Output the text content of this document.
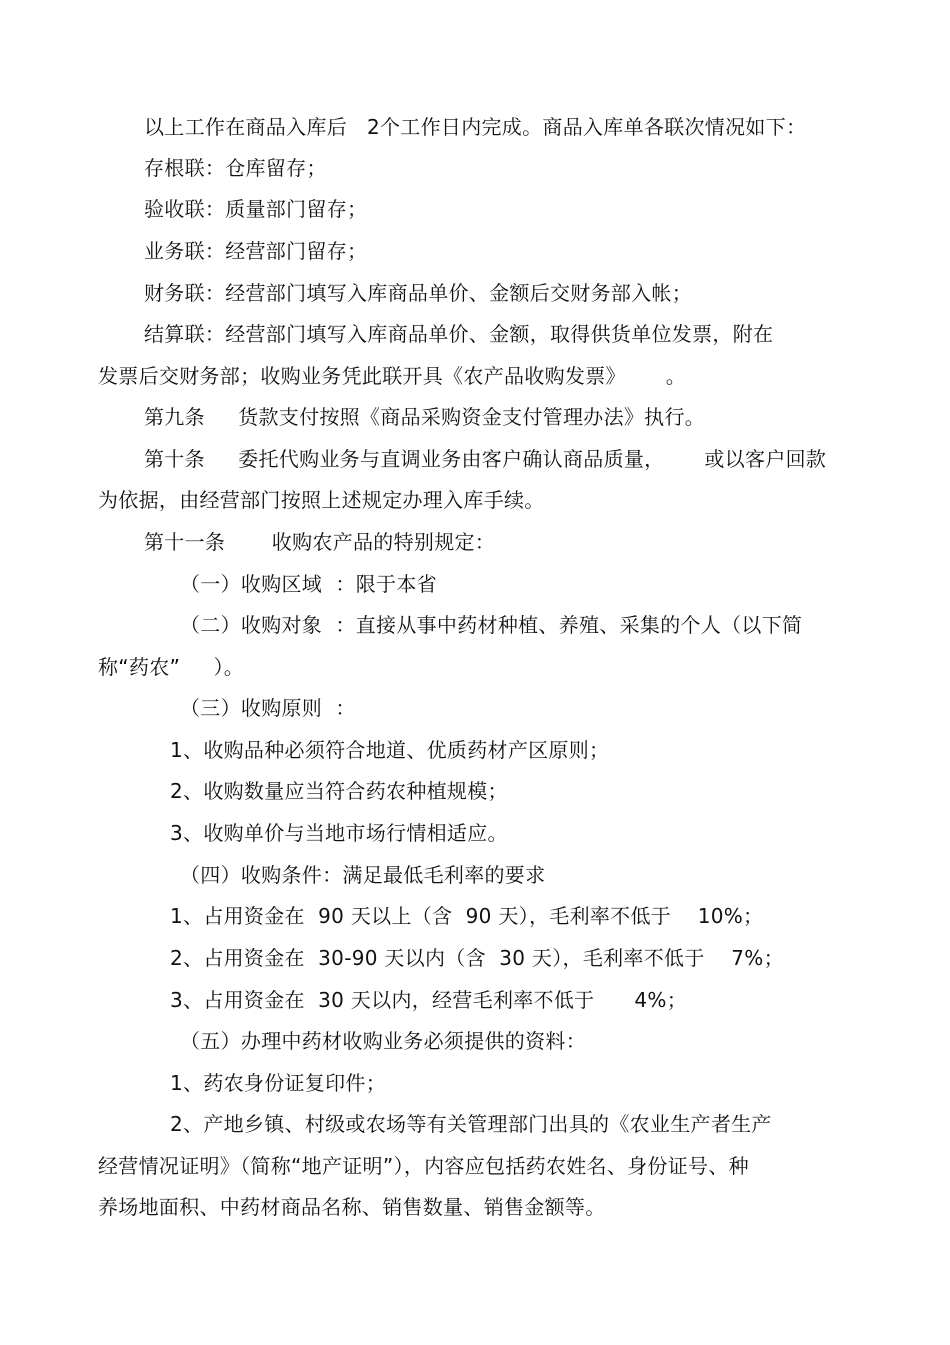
以上工作在商品入库后   2个工作日内完成。商品入库单各联次情况如下：
存根联：仓库留存；
验收联：质量部门留存；
业务联：经营部门留存；
财务联：经营部门填写入库商品单价、金额后交财务部入帐；
结算联：经营部门填写入库商品单价、金额，取得供货单位发票，附在
发票后交财务部；收购业务凭此联开具《农产品收购发票》      。
第九条     货款支付按照《商品采购资金支付管理办法》执行。
第十条     委托代购业务与直调业务由客户确认商品质量，      或以客户回款
为依据，由经营部门按照上述规定办理入库手续。
第十一条       收购农产品的特别规定：
（一）收购区域  ：限于本省
（二）收购对象  ：直接从事中药材种植、养殖、采集的个人（以下简
称“药农”     ）。
（三）收购原则  ：
1、收购品种必须符合地道、优质药材产区原则；
2、收购数量应当符合药农种植规模；
3、收购单价与当地市场行情相适应。
（四）收购条件：满足最低毛利率的要求
1、占用资金在  90 天以上（含  90 天），毛利率不低于    10%；
2、占用资金在  30-90 天以内（含  30 天），毛利率不低于    7%；
3、占用资金在  30 天以内，经营毛利率不低于      4%；
（五）办理中药材收购业务必须提供的资料：
1、药农身份证复印件；
2、产地乡镇、村级或农场等有关管理部门出具的《农业生产者生产
经营情况证明》（简称“地产证明”），内容应包括药农姓名、身份证号、种
养场地面积、中药材商品名称、销售数量、销售金额等。
